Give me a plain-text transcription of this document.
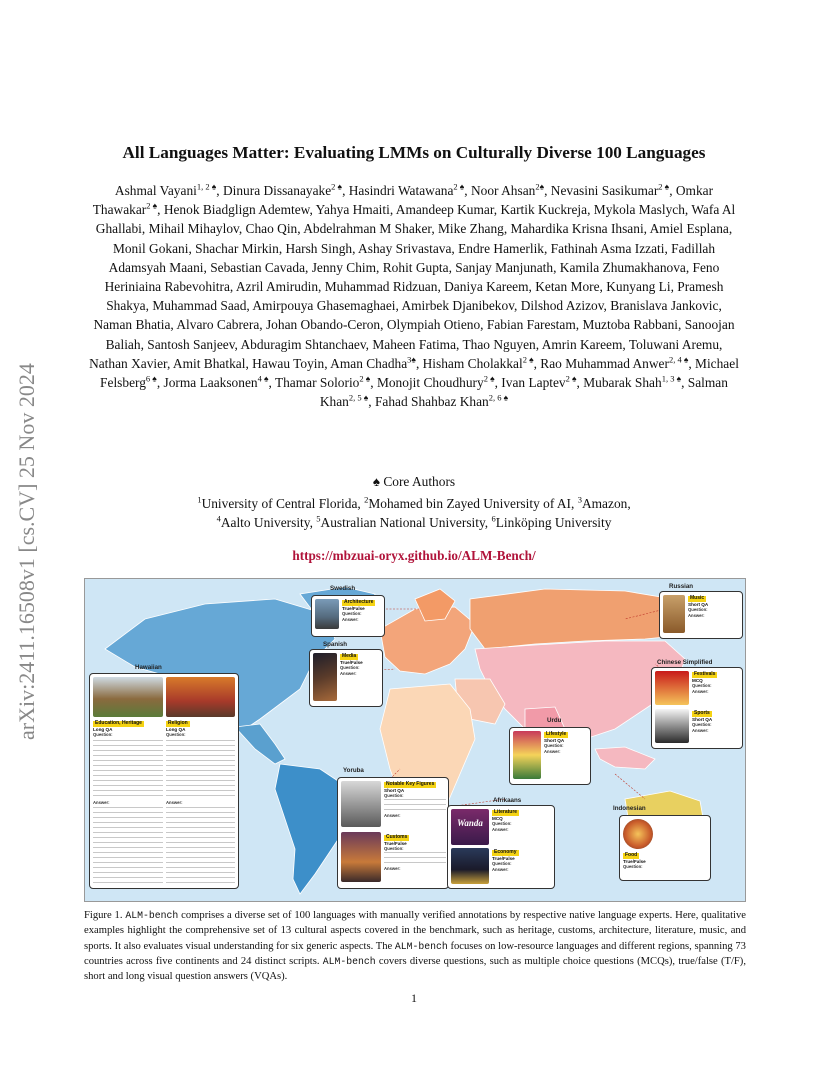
arXiv:2411.16508v1 [cs.CV] 25 Nov 2024
All Languages Matter: Evaluating LMMs on Culturally Diverse 100 Languages
Ashmal Vayani$^{1, 2 ♠}$, Dinura Dissanayake$^{2 ♠}$, Hasindri Watawana$^{2 ♠}$, Noor Ahsan$^{2♠}$, Nevasini Sasikumar$^{2 ♠}$, Omkar Thawakar$^{2 ♠}$, Henok Biadglign Ademtew, Yahya Hmaiti, Amandeep Kumar, Kartik Kuckreja, Mykola Maslych, Wafa Al Ghallabi, Mihail Mihaylov, Chao Qin, Abdelrahman M Shaker, Mike Zhang, Mahardika Krisna Ihsani, Amiel Esplana, Monil Gokani, Shachar Mirkin, Harsh Singh, Ashay Srivastava, Endre Hamerlik, Fathinah Asma Izzati, Fadillah Adamsyah Maani, Sebastian Cavada, Jenny Chim, Rohit Gupta, Sanjay Manjunath, Kamila Zhumakhanova, Feno Heriniaina Rabevohitra, Azril Amirudin, Muhammad Ridzuan, Daniya Kareem, Ketan More, Kunyang Li, Pramesh Shakya, Muhammad Saad, Amirpouya Ghasemaghaei, Amirbek Djanibekov, Dilshod Azizov, Branislava Jankovic, Naman Bhatia, Alvaro Cabrera, Johan Obando-Ceron, Olympiah Otieno, Fabian Farestam, Muztoba Rabbani, Sanoojan Baliah, Santosh Sanjeev, Abduragim Shtanchaev, Maheen Fatima, Thao Nguyen, Amrin Kareem, Toluwani Aremu, Nathan Xavier, Amit Bhatkal, Hawau Toyin, Aman Chadha$^{3♠}$, Hisham Cholakkal$^{2 ♠}$, Rao Muhammad Anwer$^{2, 4 ♠}$, Michael Felsberg$^{6 ♠}$, Jorma Laaksonen$^{4 ♠}$, Thamar Solorio$^{2 ♠}$, Monojit Choudhury$^{2 ♠}$, Ivan Laptev$^{2 ♠}$, Mubarak Shah$^{1, 3 ♠}$, Salman Khan$^{2, 5 ♠}$, Fahad Shahbaz Khan$^{2, 6 ♠}$
♠ Core Authors
$^1$University of Central Florida, $^2$Mohamed bin Zayed University of AI, $^3$Amazon,
$^4$Aalto University, $^5$Australian National University, $^6$Linköping University
https://mbzuai-oryx.github.io/ALM-Bench/
Swedish
Spanish
Hawaiian
Yoruba
Afrikaans
Urdu
Indonesian
Russian
Chinese Simplified
Architecture
True/False
Question:
Answer:
Media
True/False
Question:
Answer:
Education, Heritage
Long QA
Question:
Answer:
Religion
Long QA
Question:
Answer:
Notable Key Figures
Short QA
Question:
Answer:
Customs
True/False
Question:
Answer:
Wanda
Literature
MCQ
Question:
Answer:
Economy
True/False
Question:
Answer:
Lifestyle
Short QA
Question:
Answer:
Food
True/False
Question:
Music
Short QA
Question:
Answer:
Festivals
MCQ
Question:
Answer:
Sports
Short QA
Question:
Answer:
Figure 1. ALM-bench comprises a diverse set of 100 languages with manually verified annotations by respective native language experts. Here, qualitative examples highlight the comprehensive set of 13 cultural aspects covered in the benchmark, such as heritage, customs, architecture, literature, music, and sports. It also evaluates visual understanding for six generic aspects. The ALM-bench focuses on low-resource languages and different regions, spanning 73 countries across five continents and 24 distinct scripts. ALM-bench covers diverse questions, such as multiple choice questions (MCQs), true/false (T/F), short and long visual question answers (VQAs).
1
